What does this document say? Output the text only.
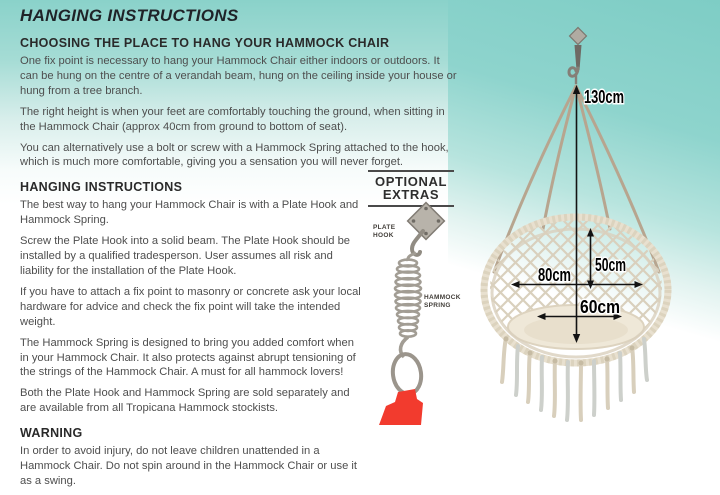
HANGING INSTRUCTIONS
CHOOSING THE PLACE TO HANG YOUR HAMMOCK CHAIR

One fix point is necessary to hang your Hammock Chair either indoors or outdoors. It can be hung on the centre of a verandah beam, hung on the ceiling inside your house or hung from a tree branch.

The right height is when your feet are comfortably touching the ground, when sitting in the Hammock Chair (approx 40cm from ground to bottom of seat).

You can alternatively use a bolt or screw with a Hammock Spring attached to the hook, which is much more comfortable, giving you a sensation you will never forget.

HANGING INSTRUCTIONS

The best way to hang your Hammock Chair is with a Plate Hook and Hammock Spring.

Screw the Plate Hook into a solid beam. The Plate Hook should be installed by a qualified tradesperson. User assumes all risk and liability for the installation of the Plate Hook.

If you have to attach a fix point to masonry or concrete ask your local hardware for advice and check the fix point will take the intended weight.

The Hammock Spring is designed to bring you added comfort when in your Hammock Chair. It also protects against abrupt tensioning of the strings of the Hammock Chair. A must for all hammock lovers!

Both the Plate Hook and Hammock Spring are sold separately and are available from all Tropicana Hammock stockists.

WARNING

In order to avoid injury, do not leave children unattended in a Hammock Chair. Do not spin around in the Hammock Chair or use it as a swing.

OPTIONAL
EXTRAS
PLATE
HOOK
HAMMOCK
SPRING
130cm
50cm
80cm
60cm
